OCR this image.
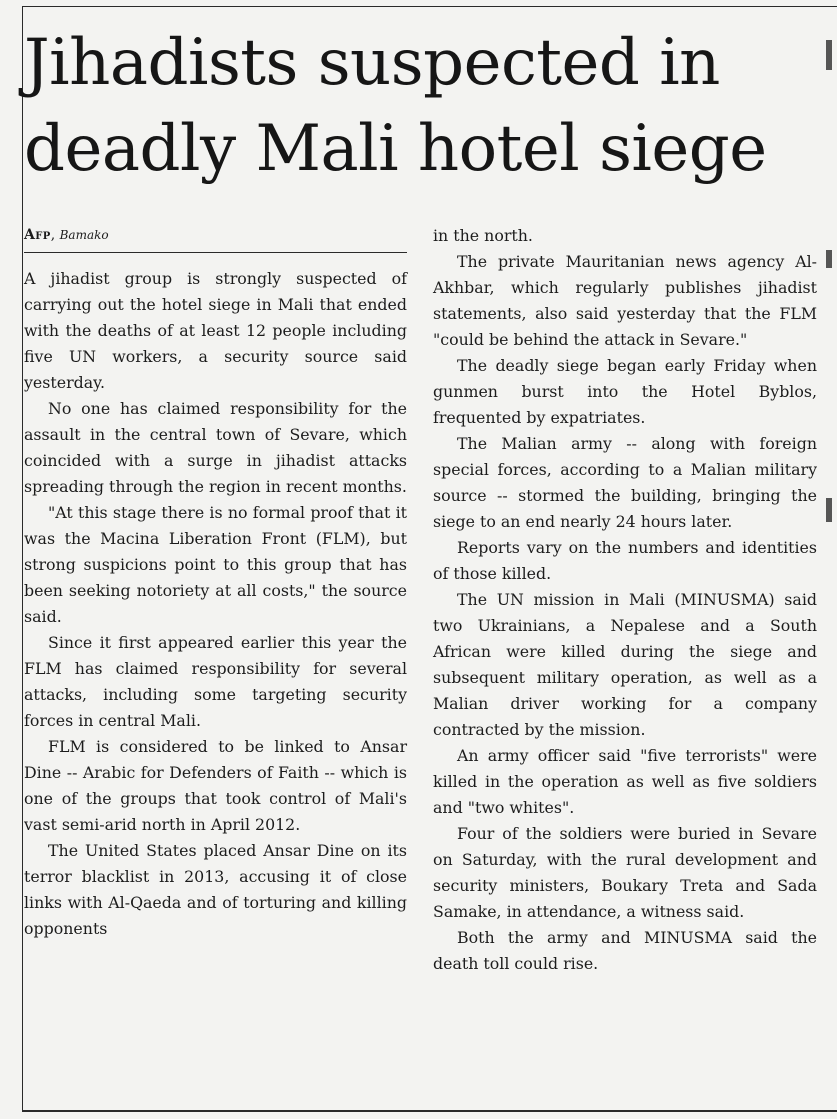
Jihadists suspected in
deadly Mali hotel siege
Afp, Bamako

A jihadist group is strongly suspected of carrying out the hotel siege in Mali that ended with the deaths of at least 12 people including five UN workers, a security source said yesterday.

No one has claimed responsibility for the assault in the central town of Sevare, which coincided with a surge in jihadist attacks spreading through the region in recent months.

"At this stage there is no formal proof that it was the Macina Liberation Front (FLM), but strong suspicions point to this group that has been seeking notoriety at all costs," the source said.

Since it first appeared earlier this year the FLM has claimed responsibility for several attacks, including some targeting security forces in central Mali.

FLM is considered to be linked to Ansar Dine -- Arabic for Defenders of Faith -- which is one of the groups that took control of Mali's vast semi-arid north in April 2012.

The United States placed Ansar Dine on its terror blacklist in 2013, accusing it of close links with Al-Qaeda and of torturing and killing opponents

in the north.

The private Mauritanian news agency Al-Akhbar, which regularly publishes jihadist statements, also said yesterday that the FLM "could be behind the attack in Sevare."

The deadly siege began early Friday when gunmen burst into the Hotel Byblos, frequented by expatriates.

The Malian army -- along with foreign special forces, according to a Malian military source -- stormed the building, bringing the siege to an end nearly 24 hours later.

Reports vary on the numbers and identities of those killed.

The UN mission in Mali (MINUSMA) said two Ukrainians, a Nepalese and a South African were killed during the siege and subsequent military operation, as well as a Malian driver working for a company contracted by the mission.

An army officer said "five terrorists" were killed in the operation as well as five soldiers and "two whites".

Four of the soldiers were buried in Sevare on Saturday, with the rural development and security ministers, Boukary Treta and Sada Samake, in attendance, a witness said.

Both the army and MINUSMA said the death toll could rise.
